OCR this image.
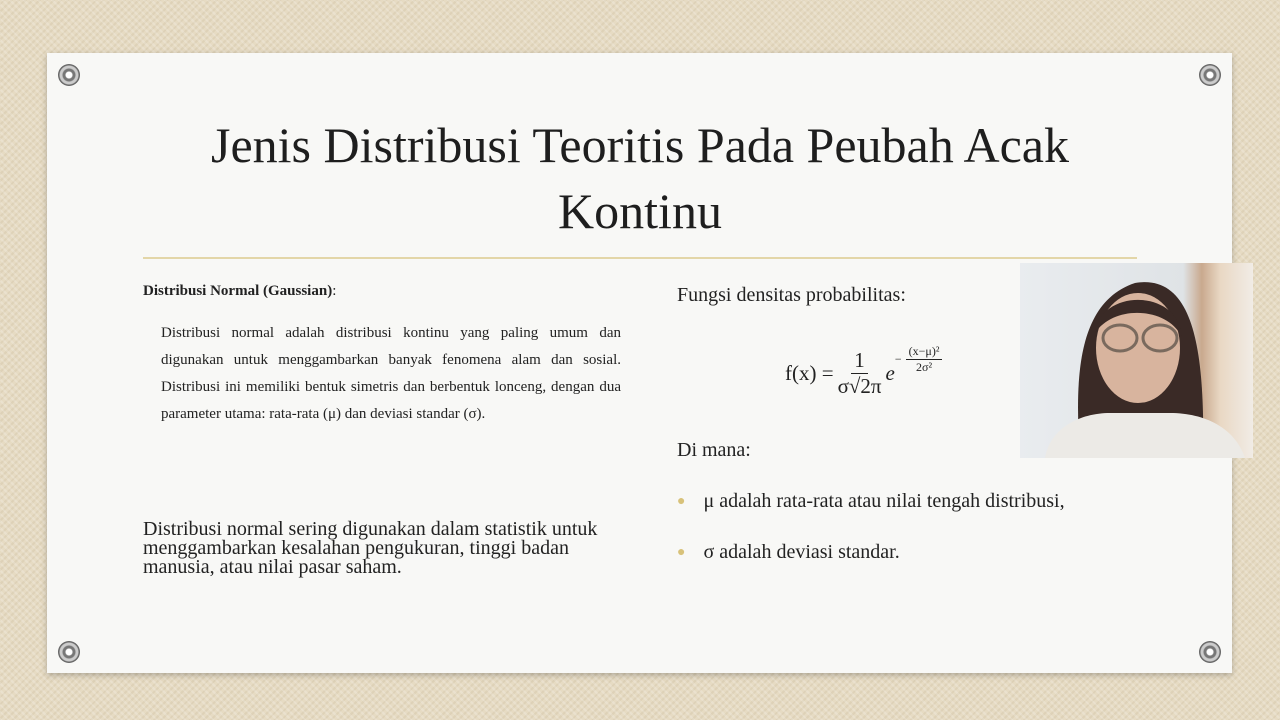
Jenis Distribusi Teoritis Pada Peubah Acak
Kontinu
Distribusi Normal (Gaussian):
Distribusi normal adalah distribusi kontinu yang paling umum dan digunakan untuk menggambarkan banyak fenomena alam dan sosial. Distribusi ini memiliki bentuk simetris dan berbentuk lonceng, dengan dua parameter utama: rata-rata (μ) dan deviasi standar (σ).
Distribusi normal sering digunakan dalam statistik untuk menggambarkan kesalahan pengukuran, tinggi badan manusia, atau nilai pasar saham.
Fungsi densitas probabilitas:
$f(x) = \frac{1}{\sigma√2\pi}$ e
− $\frac{\text{(x−μ)²}}{\text{2σ²}}$
Di mana:
● μ adalah rata-rata atau nilai tengah distribusi,
● σ adalah deviasi standar.
